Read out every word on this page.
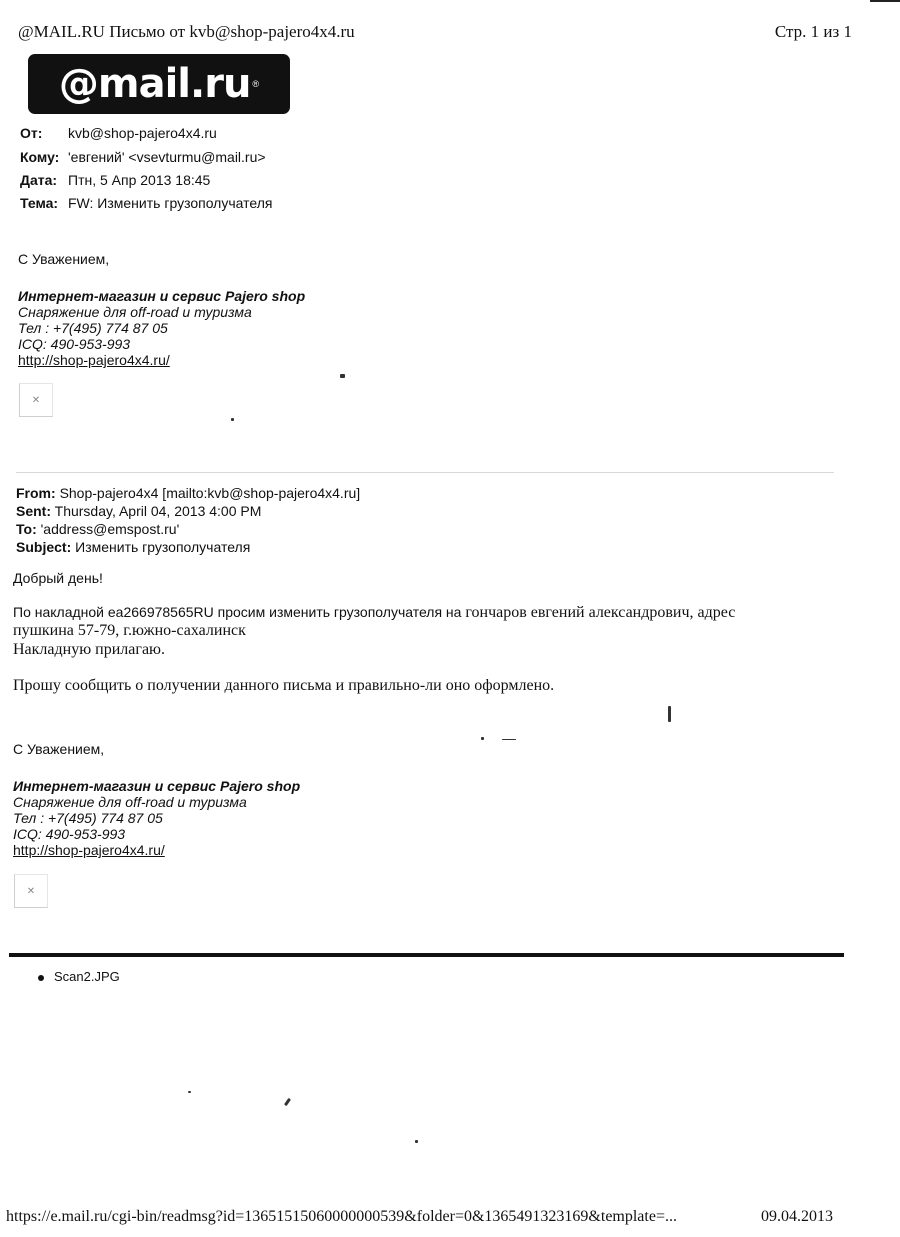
@MAIL.RU Письмо от kvb@shop-pajero4x4.ru	Стр. 1 из 1
@mail.ru ®
От: kvb@shop-pajero4x4.ru
Кому: 'евгений' <vsevturmu@mail.ru>
Дата: Птн, 5 Апр 2013 18:45
Тема: FW: Изменить грузополучателя
С Уважением,
Интернет-магазин и сервис Pajero shop
Снаряжение для off-road и туризма
Тел : +7(495) 774 87 05
ICQ: 490-953-993
http://shop-pajero4x4.ru/
✕
From: Shop-pajero4x4 [mailto:kvb@shop-pajero4x4.ru]
Sent: Thursday, April 04, 2013 4:00 PM
To: 'address@emspost.ru'
Subject: Изменить грузополучателя
Добрый день!
По накладной еа266978565RU просим изменить грузополучателя на гончаров евгений александрович, адрес
пушкина 57-79, г.южно-сахалинск
Накладную прилагаю.
Прошу сообщить о получении данного письма и правильно-ли оно оформлено.
С Уважением,
Интернет-магазин и сервис Pajero shop
Снаряжение для off-road и туризма
Тел : +7(495) 774 87 05
ICQ: 490-953-993
http://shop-pajero4x4.ru/
✕
Scan2.JPG
https://e.mail.ru/cgi-bin/readmsg?id=13651515060000000539&folder=0&1365491323169&template=...	09.04.2013
